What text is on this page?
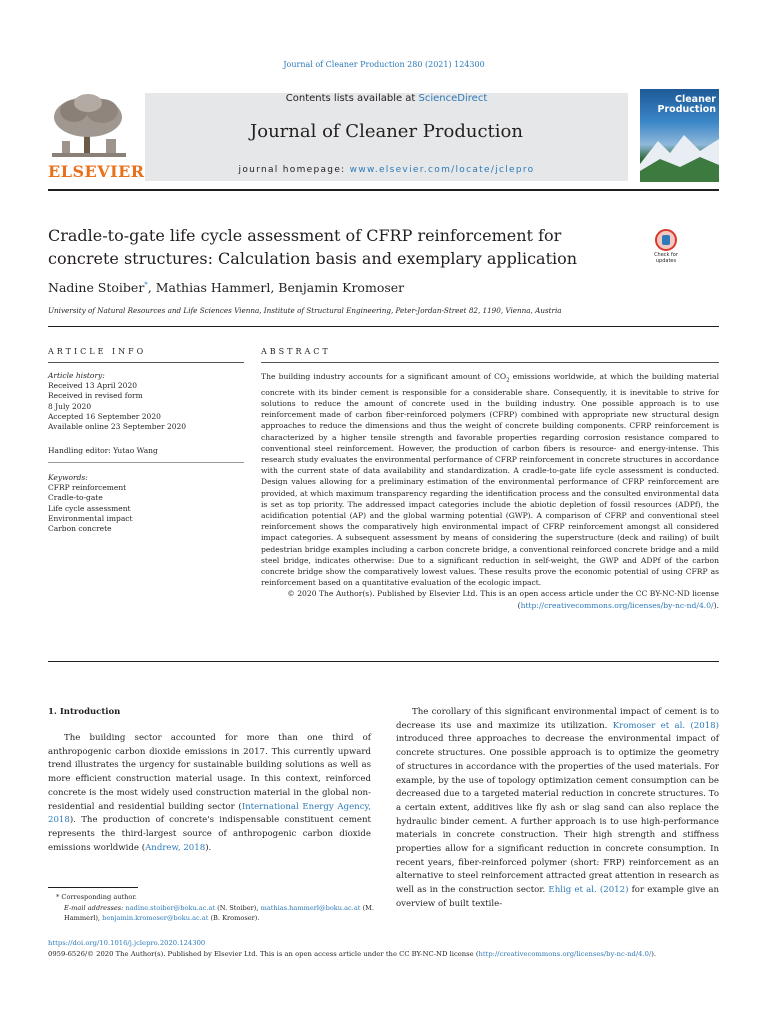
Journal of Cleaner Production 280 (2021) 124300
ELSEVIER
Contents lists available at ScienceDirect
Journal of Cleaner Production
journal homepage: www.elsevier.com/locate/jclepro
Cleaner
Production
Cradle-to-gate life cycle assessment of CFRP reinforcement for
concrete structures: Calculation basis and exemplary application	Check for updates
Nadine Stoiber*, Mathias Hammerl, Benjamin Kromoser
University of Natural Resources and Life Sciences Vienna, Institute of Structural Engineering, Peter-Jordan-Street 82, 1190, Vienna, Austria
ARTICLE INFO	ABSTRACT
Article history:
Received 13 April 2020
Received in revised form
8 July 2020
Accepted 16 September 2020
Available online 23 September 2020
Handling editor: Yutao Wang
Keywords:
CFRP reinforcement
Cradle-to-gate
Life cycle assessment
Environmental impact
Carbon concrete

The building industry accounts for a significant amount of $CO_2$ emissions worldwide, at which the building material concrete with its binder cement is responsible for a considerable share. Consequently, it is inevitable to strive for solutions to reduce the amount of concrete used in the building industry. One possible approach is to use reinforcement made of carbon fiber-reinforced polymers (CFRP) combined with appropriate new structural design approaches to reduce the dimensions and thus the weight of concrete building components. CFRP reinforcement is characterized by a higher tensile strength and favorable properties regarding corrosion resistance compared to conventional steel reinforcement. However, the production of carbon fibers is resource- and energy-intense. This research study evaluates the environmental performance of CFRP reinforcement in concrete structures in accordance with the current state of data availability and standardization. A cradle-to-gate life cycle assessment is conducted. Design values allowing for a preliminary estimation of the environmental performance of CFRP reinforcement are provided, at which maximum transparency regarding the identification process and the consulted environmental data is set as top priority. The addressed impact categories include the abiotic depletion of fossil resources (ADPf), the acidification potential (AP) and the global warming potential (GWP). A comparison of CFRP and conventional steel reinforcement shows the comparatively high environmental impact of CFRP reinforcement amongst all considered impact categories. A subsequent assessment by means of considering the superstructure (deck and railing) of built pedestrian bridge examples including a carbon concrete bridge, a conventional reinforced concrete bridge and a mild steel bridge, indicates otherwise: Due to a significant reduction in self-weight, the GWP and ADPf of the carbon concrete bridge show the comparatively lowest values. These results prove the economic potential of using CFRP as reinforcement based on a quantitative evaluation of the ecologic impact.

© 2020 The Author(s). Published by Elsevier Ltd. This is an open access article under the CC BY-NC-ND license (http://creativecommons.org/licenses/by-nc-nd/4.0/).

1. Introduction

The building sector accounted for more than one third of anthropogenic carbon dioxide emissions in 2017. This currently upward trend illustrates the urgency for sustainable building solutions as well as more efficient construction material usage. In this context, reinforced concrete is the most widely used construction material in the global non-residential and residential building sector (International Energy Agency, 2018). The production of concrete's indispensable constituent cement represents the third-largest source of anthropogenic carbon dioxide emissions worldwide (Andrew, 2018).

The corollary of this significant environmental impact of cement is to decrease its use and maximize its utilization. Kromoser et al. (2018) introduced three approaches to decrease the environmental impact of concrete structures. One possible approach is to optimize the geometry of structures in accordance with the properties of the used materials. For example, by the use of topology optimization cement consumption can be decreased due to a targeted material reduction in concrete structures. To a certain extent, additives like fly ash or slag sand can also replace the hydraulic binder cement. A further approach is to use high-performance materials in concrete construction. Their high strength and stiffness properties allow for a significant reduction in concrete consumption. In recent years, fiber-reinforced polymer (short: FRP) reinforcement as an alternative to steel reinforcement attracted great attention in research as well as in the construction sector. Ehlig et al. (2012) for example give an overview of built textile-

* Corresponding author.
E-mail addresses: nadine.stoiber@boku.ac.at (N. Stoiber), mathias.hammerl@boku.ac.at (M. Hammerl), benjamin.kromoser@boku.ac.at (B. Kromoser).
https://doi.org/10.1016/j.jclepro.2020.124300
0959-6526/© 2020 The Author(s). Published by Elsevier Ltd. This is an open access article under the CC BY-NC-ND license (http://creativecommons.org/licenses/by-nc-nd/4.0/).
